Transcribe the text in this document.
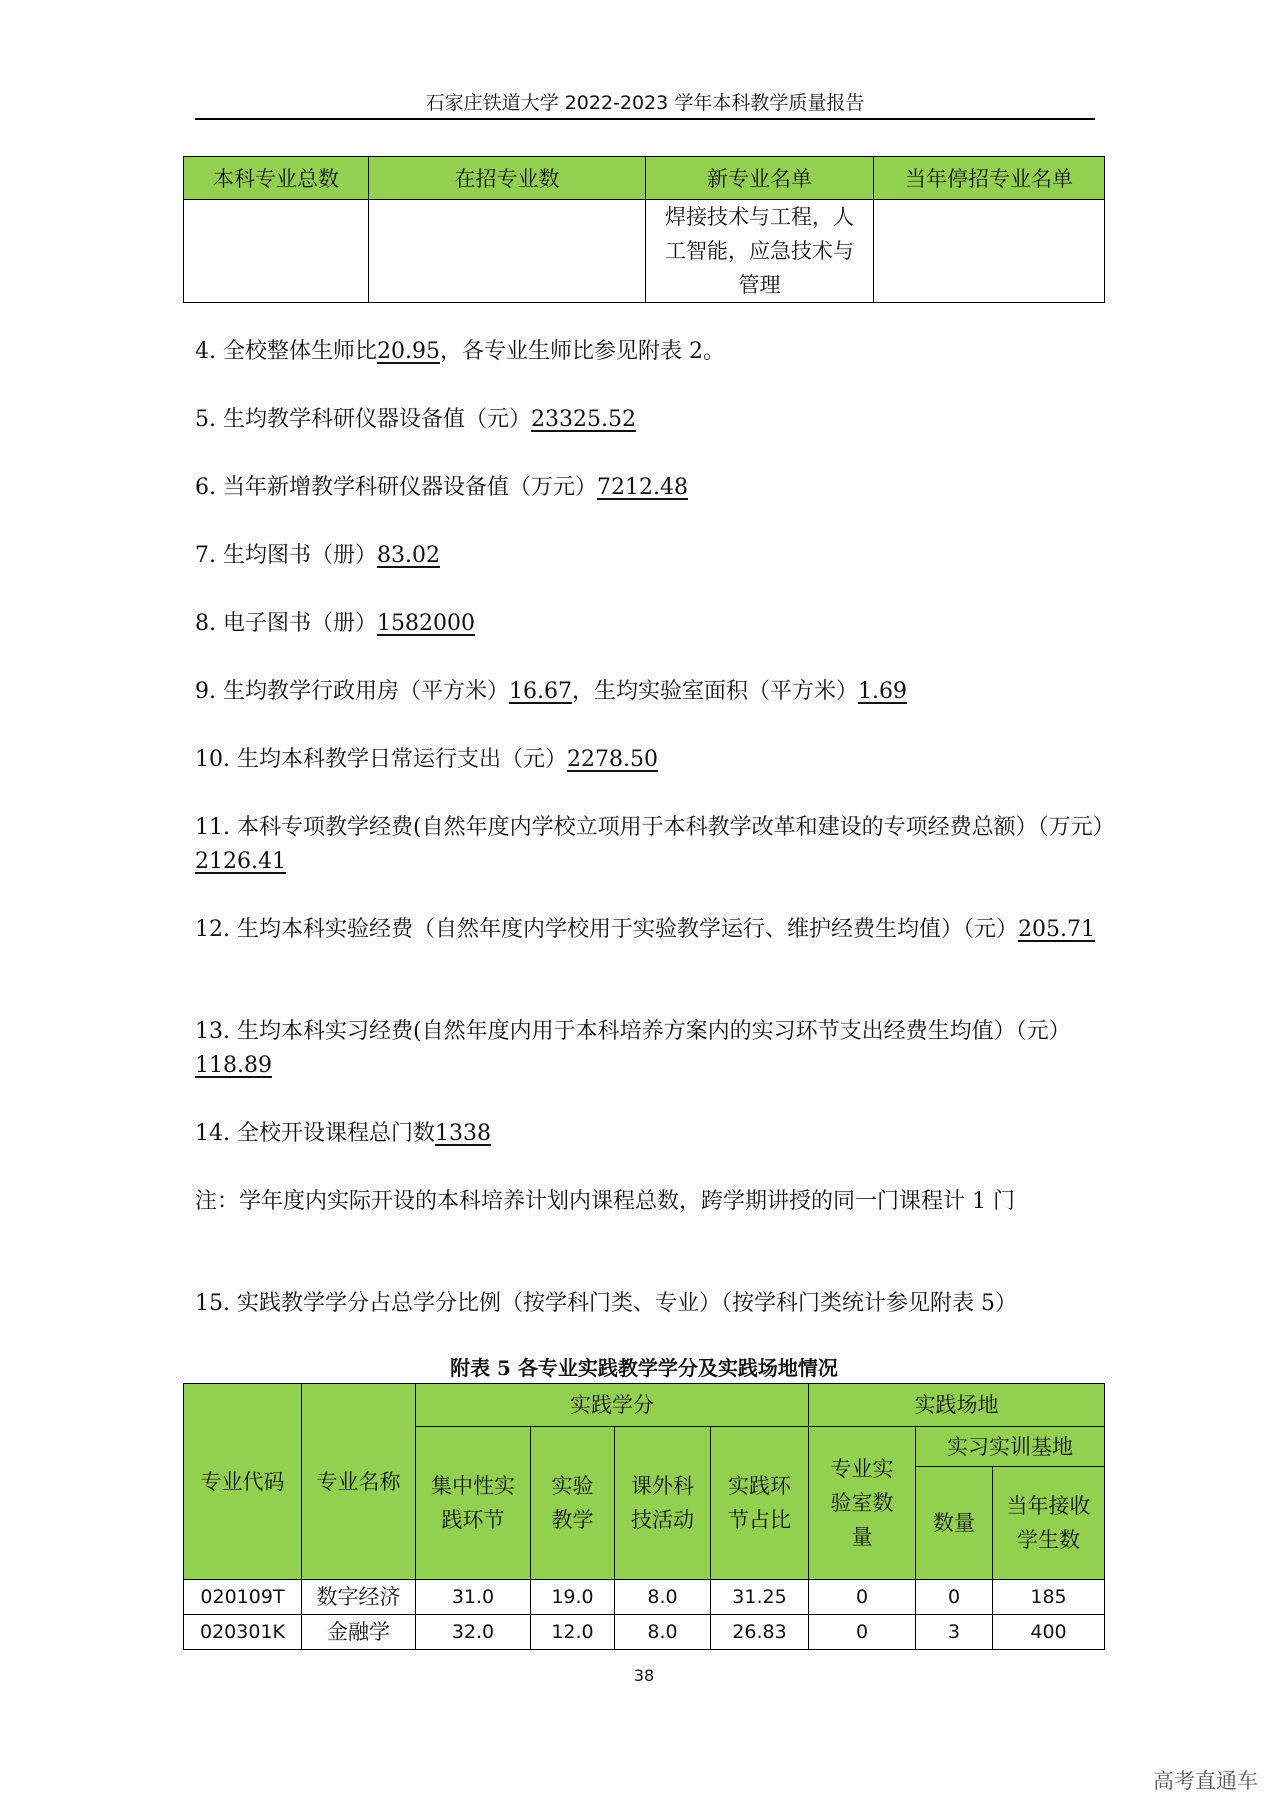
石家庄铁道大学 2022-2023 学年本科教学质量报告
本科专业总数	在招专业数	新专业名单	当年停招专业名单
		焊接技术与工程，人工智能，应急技术与管理	

4. 全校整体生师比20.95，各专业生师比参见附表 2。

5. 生均教学科研仪器设备值（元）23325.52

6. 当年新增教学科研仪器设备值（万元）7212.48

7. 生均图书（册）83.02

8. 电子图书（册）1582000

9. 生均教学行政用房（平方米）16.67，生均实验室面积（平方米）1.69

10. 生均本科教学日常运行支出（元）2278.50

11. 本科专项教学经费(自然年度内学校立项用于本科教学改革和建设的专项经费总额）（万元）2126.41

12. 生均本科实验经费（自然年度内学校用于实验教学运行、维护经费生均值）（元）205.71

13. 生均本科实习经费(自然年度内用于本科培养方案内的实习环节支出经费生均值）（元）118.89

14. 全校开设课程总门数1338

注：学年度内实际开设的本科培养计划内课程总数，跨学期讲授的同一门课程计 1 门

15. 实践教学学分占总学分比例（按学科门类、专业）（按学科门类统计参见附表 5）

附表 5 各专业实践教学学分及实践场地情况
专业代码	专业名称	实践学分				实践场地		
		集中性实践环节	实验教学	课外科技活动	实践环节占比	专业实验室数量	实习实训基地	
							数量	当年接收学生数
020109T	数字经济	31.0	19.0	8.0	31.25	0	0	185
020301K	金融学	32.0	12.0	8.0	26.83	0	3	400
38
高考直通车
